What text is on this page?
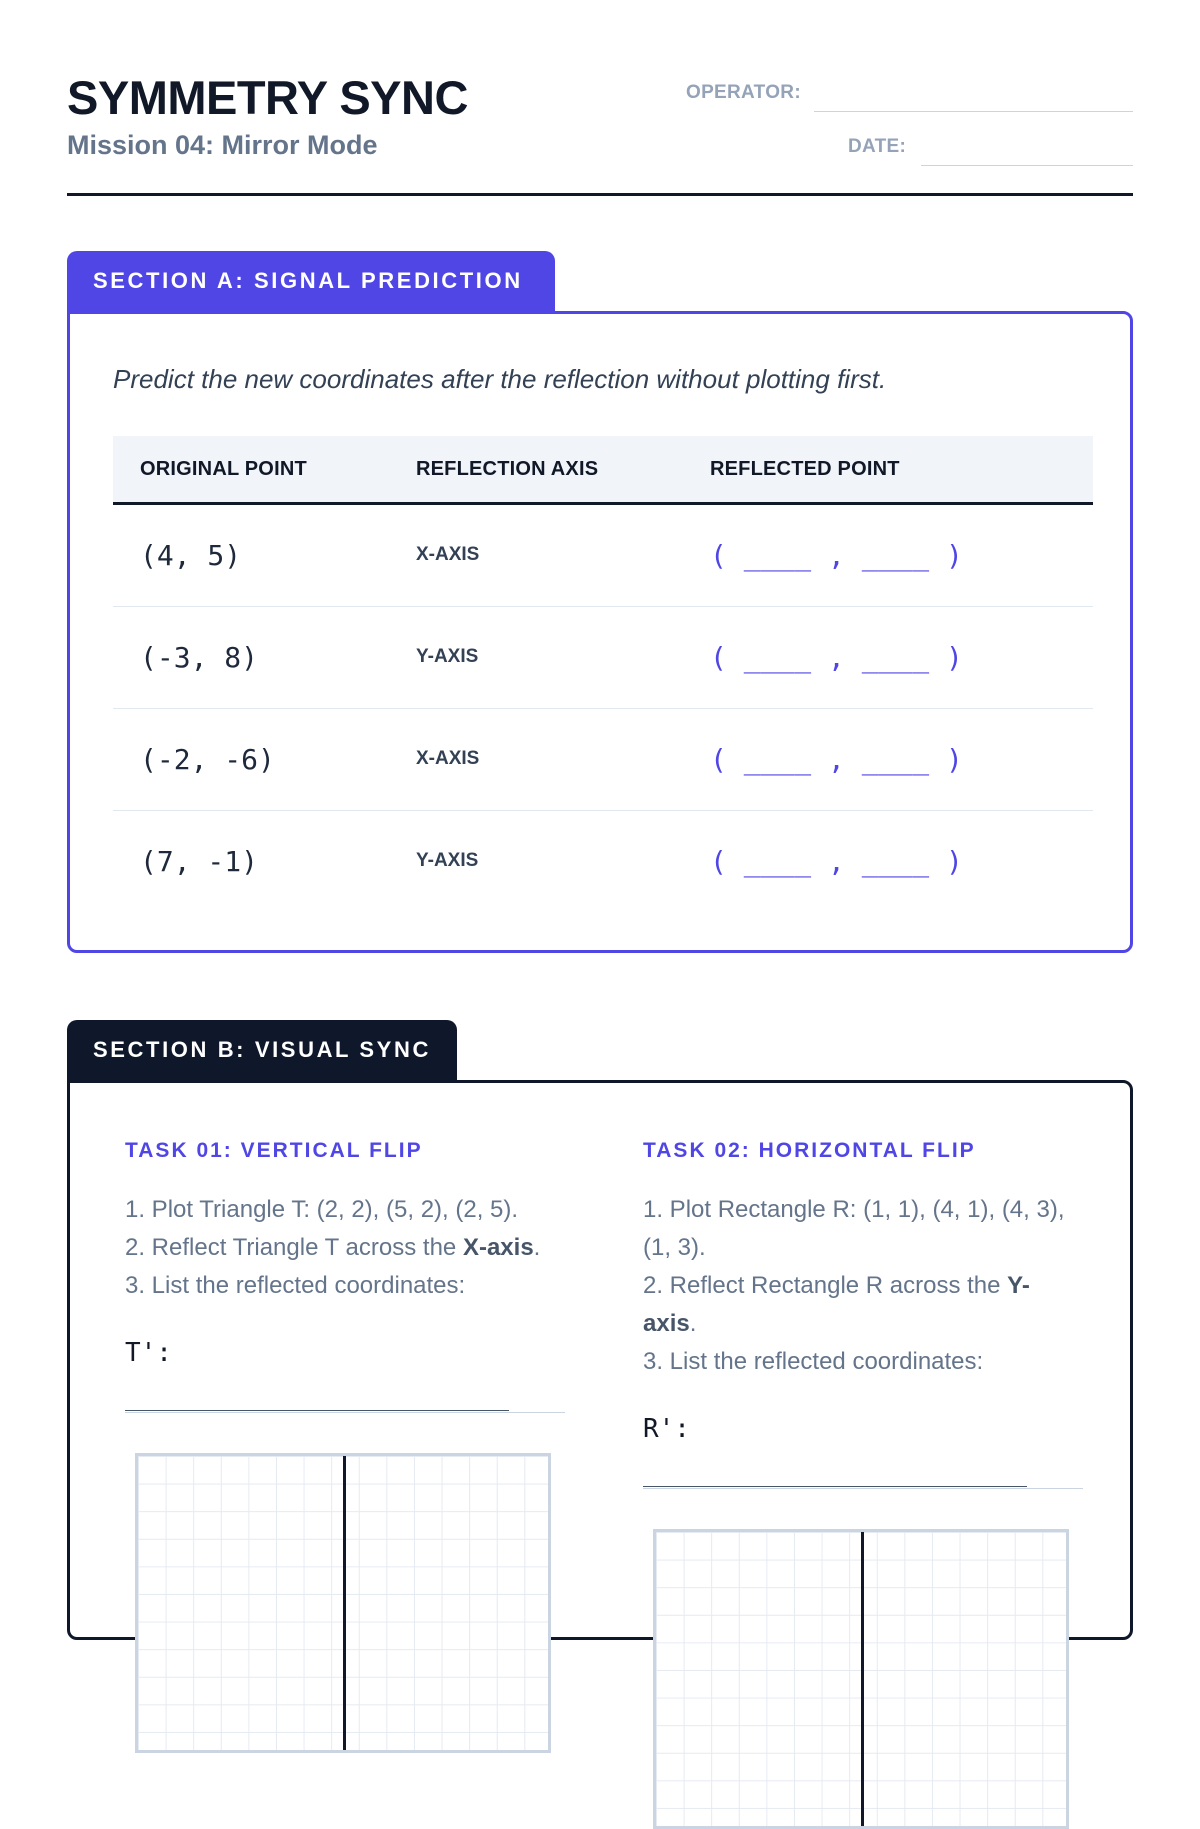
SYMMETRY SYNC
Mission 04: Mirror Mode
OPERATOR:
DATE:
SECTION A: SIGNAL PREDICTION
Predict the new coordinates after the reflection without plotting first.
ORIGINAL POINT	REFLECTION AXIS	REFLECTED POINT
(4, 5)	X-AXIS	( ____ , ____ )
(-3, 8)	Y-AXIS	( ____ , ____ )
(-2, -6)	X-AXIS	( ____ , ____ )
(7, -1)	Y-AXIS	( ____ , ____ )
SECTION B: VISUAL SYNC
TASK 01: VERTICAL FLIP
1. Plot Triangle T: (2, 2), (5, 2), (2, 5).
2. Reflect Triangle T across the X-axis.
3. List the reflected coordinates:
T':
TASK 02: HORIZONTAL FLIP
1. Plot Rectangle R: (1, 1), (4, 1), (4, 3), (1, 3).
2. Reflect Rectangle R across the Y-axis.
3. List the reflected coordinates:
R':
